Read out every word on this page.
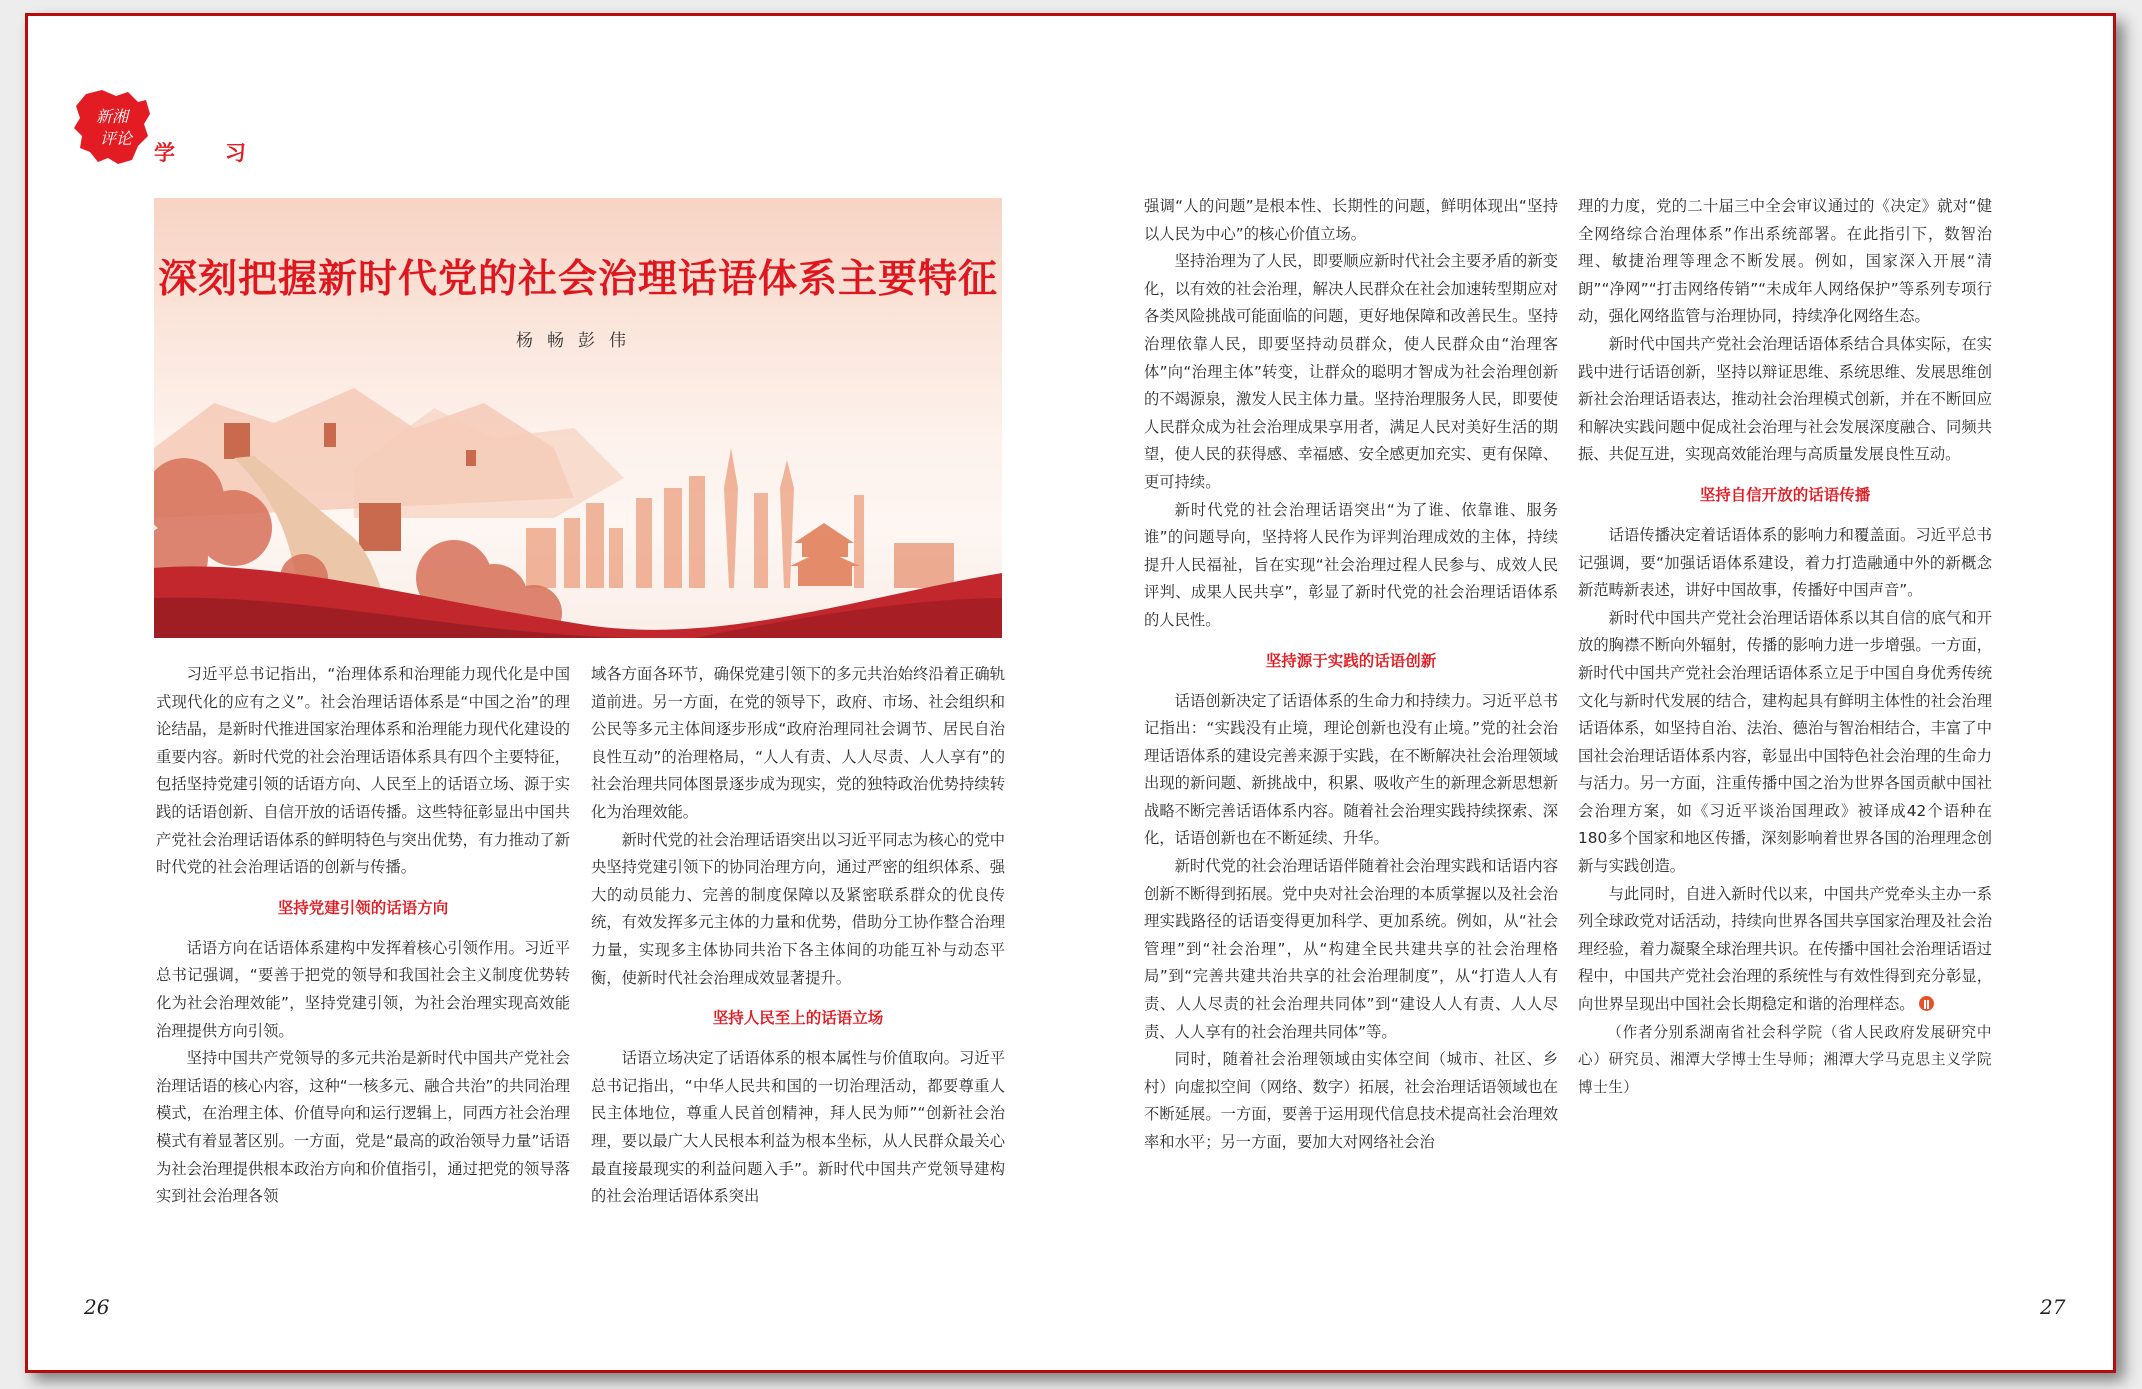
新湘
评论
学 习
深刻把握新时代党的社会治理话语体系主要特征
杨畅彭伟

习近平总书记指出，“治理体系和治理能力现代化是中国式现代化的应有之义”。社会治理话语体系是“中国之治”的理论结晶，是新时代推进国家治理体系和治理能力现代化建设的重要内容。新时代党的社会治理话语体系具有四个主要特征，包括坚持党建引领的话语方向、人民至上的话语立场、源于实践的话语创新、自信开放的话语传播。这些特征彰显出中国共产党社会治理话语体系的鲜明特色与突出优势，有力推动了新时代党的社会治理话语的创新与传播。

坚持党建引领的话语方向

话语方向在话语体系建构中发挥着核心引领作用。习近平总书记强调，“要善于把党的领导和我国社会主义制度优势转化为社会治理效能”，坚持党建引领，为社会治理实现高效能治理提供方向引领。

坚持中国共产党领导的多元共治是新时代中国共产党社会治理话语的核心内容，这种“一核多元、融合共治”的共同治理模式，在治理主体、价值导向和运行逻辑上，同西方社会治理模式有着显著区别。一方面，党是“最高的政治领导力量”话语为社会治理提供根本政治方向和价值指引，通过把党的领导落实到社会治理各领

域各方面各环节，确保党建引领下的多元共治始终沿着正确轨道前进。另一方面，在党的领导下，政府、市场、社会组织和公民等多元主体间逐步形成“政府治理同社会调节、居民自治良性互动”的治理格局，“人人有责、人人尽责、人人享有”的社会治理共同体图景逐步成为现实，党的独特政治优势持续转化为治理效能。

新时代党的社会治理话语突出以习近平同志为核心的党中央坚持党建引领下的协同治理方向，通过严密的组织体系、强大的动员能力、完善的制度保障以及紧密联系群众的优良传统，有效发挥多元主体的力量和优势，借助分工协作整合治理力量，实现多主体协同共治下各主体间的功能互补与动态平衡，使新时代社会治理成效显著提升。

坚持人民至上的话语立场

话语立场决定了话语体系的根本属性与价值取向。习近平总书记指出，“中华人民共和国的一切治理活动，都要尊重人民主体地位，尊重人民首创精神，拜人民为师”“创新社会治理，要以最广大人民根本利益为根本坐标，从人民群众最关心最直接最现实的利益问题入手”。新时代中国共产党领导建构的社会治理话语体系突出

强调“人的问题”是根本性、长期性的问题，鲜明体现出“坚持以人民为中心”的核心价值立场。

坚持治理为了人民，即要顺应新时代社会主要矛盾的新变化，以有效的社会治理，解决人民群众在社会加速转型期应对各类风险挑战可能面临的问题，更好地保障和改善民生。坚持治理依靠人民，即要坚持动员群众，使人民群众由“治理客体”向“治理主体”转变，让群众的聪明才智成为社会治理创新的不竭源泉，激发人民主体力量。坚持治理服务人民，即要使人民群众成为社会治理成果享用者，满足人民对美好生活的期望，使人民的获得感、幸福感、安全感更加充实、更有保障、更可持续。

新时代党的社会治理话语突出“为了谁、依靠谁、服务谁”的问题导向，坚持将人民作为评判治理成效的主体，持续提升人民福祉，旨在实现“社会治理过程人民参与、成效人民评判、成果人民共享”，彰显了新时代党的社会治理话语体系的人民性。

坚持源于实践的话语创新

话语创新决定了话语体系的生命力和持续力。习近平总书记指出：“实践没有止境，理论创新也没有止境。”党的社会治理话语体系的建设完善来源于实践，在不断解决社会治理领域出现的新问题、新挑战中，积累、吸收产生的新理念新思想新战略不断完善话语体系内容。随着社会治理实践持续探索、深化，话语创新也在不断延续、升华。

新时代党的社会治理话语伴随着社会治理实践和话语内容创新不断得到拓展。党中央对社会治理的本质掌握以及社会治理实践路径的话语变得更加科学、更加系统。例如，从“社会管理”到“社会治理”，从“构建全民共建共享的社会治理格局”到“完善共建共治共享的社会治理制度”，从“打造人人有责、人人尽责的社会治理共同体”到“建设人人有责、人人尽责、人人享有的社会治理共同体”等。

同时，随着社会治理领域由实体空间（城市、社区、乡村）向虚拟空间（网络、数字）拓展，社会治理话语领域也在不断延展。一方面，要善于运用现代信息技术提高社会治理效率和水平；另一方面，要加大对网络社会治

理的力度，党的二十届三中全会审议通过的《决定》就对“健全网络综合治理体系”作出系统部署。在此指引下，数智治理、敏捷治理等理念不断发展。例如，国家深入开展“清朗”“净网”“打击网络传销”“未成年人网络保护”等系列专项行动，强化网络监管与治理协同，持续净化网络生态。

新时代中国共产党社会治理话语体系结合具体实际，在实践中进行话语创新，坚持以辩证思维、系统思维、发展思维创新社会治理话语表达，推动社会治理模式创新，并在不断回应和解决实践问题中促成社会治理与社会发展深度融合、同频共振、共促互进，实现高效能治理与高质量发展良性互动。

坚持自信开放的话语传播

话语传播决定着话语体系的影响力和覆盖面。习近平总书记强调，要“加强话语体系建设，着力打造融通中外的新概念新范畴新表述，讲好中国故事，传播好中国声音”。

新时代中国共产党社会治理话语体系以其自信的底气和开放的胸襟不断向外辐射，传播的影响力进一步增强。一方面，新时代中国共产党社会治理话语体系立足于中国自身优秀传统文化与新时代发展的结合，建构起具有鲜明主体性的社会治理话语体系，如坚持自治、法治、德治与智治相结合，丰富了中国社会治理话语体系内容，彰显出中国特色社会治理的生命力与活力。另一方面，注重传播中国之治为世界各国贡献中国社会治理方案，如《习近平谈治国理政》被译成42个语种在180多个国家和地区传播，深刻影响着世界各国的治理理念创新与实践创造。

与此同时，自进入新时代以来，中国共产党牵头主办一系列全球政党对话活动，持续向世界各国共享国家治理及社会治理经验，着力凝聚全球治理共识。在传播中国社会治理话语过程中，中国共产党社会治理的系统性与有效性得到充分彰显，向世界呈现出中国社会长期稳定和谐的治理样态。

（作者分别系湖南省社会科学院（省人民政府发展研究中心）研究员、湘潭大学博士生导师；湘潭大学马克思主义学院博士生）

26	27
